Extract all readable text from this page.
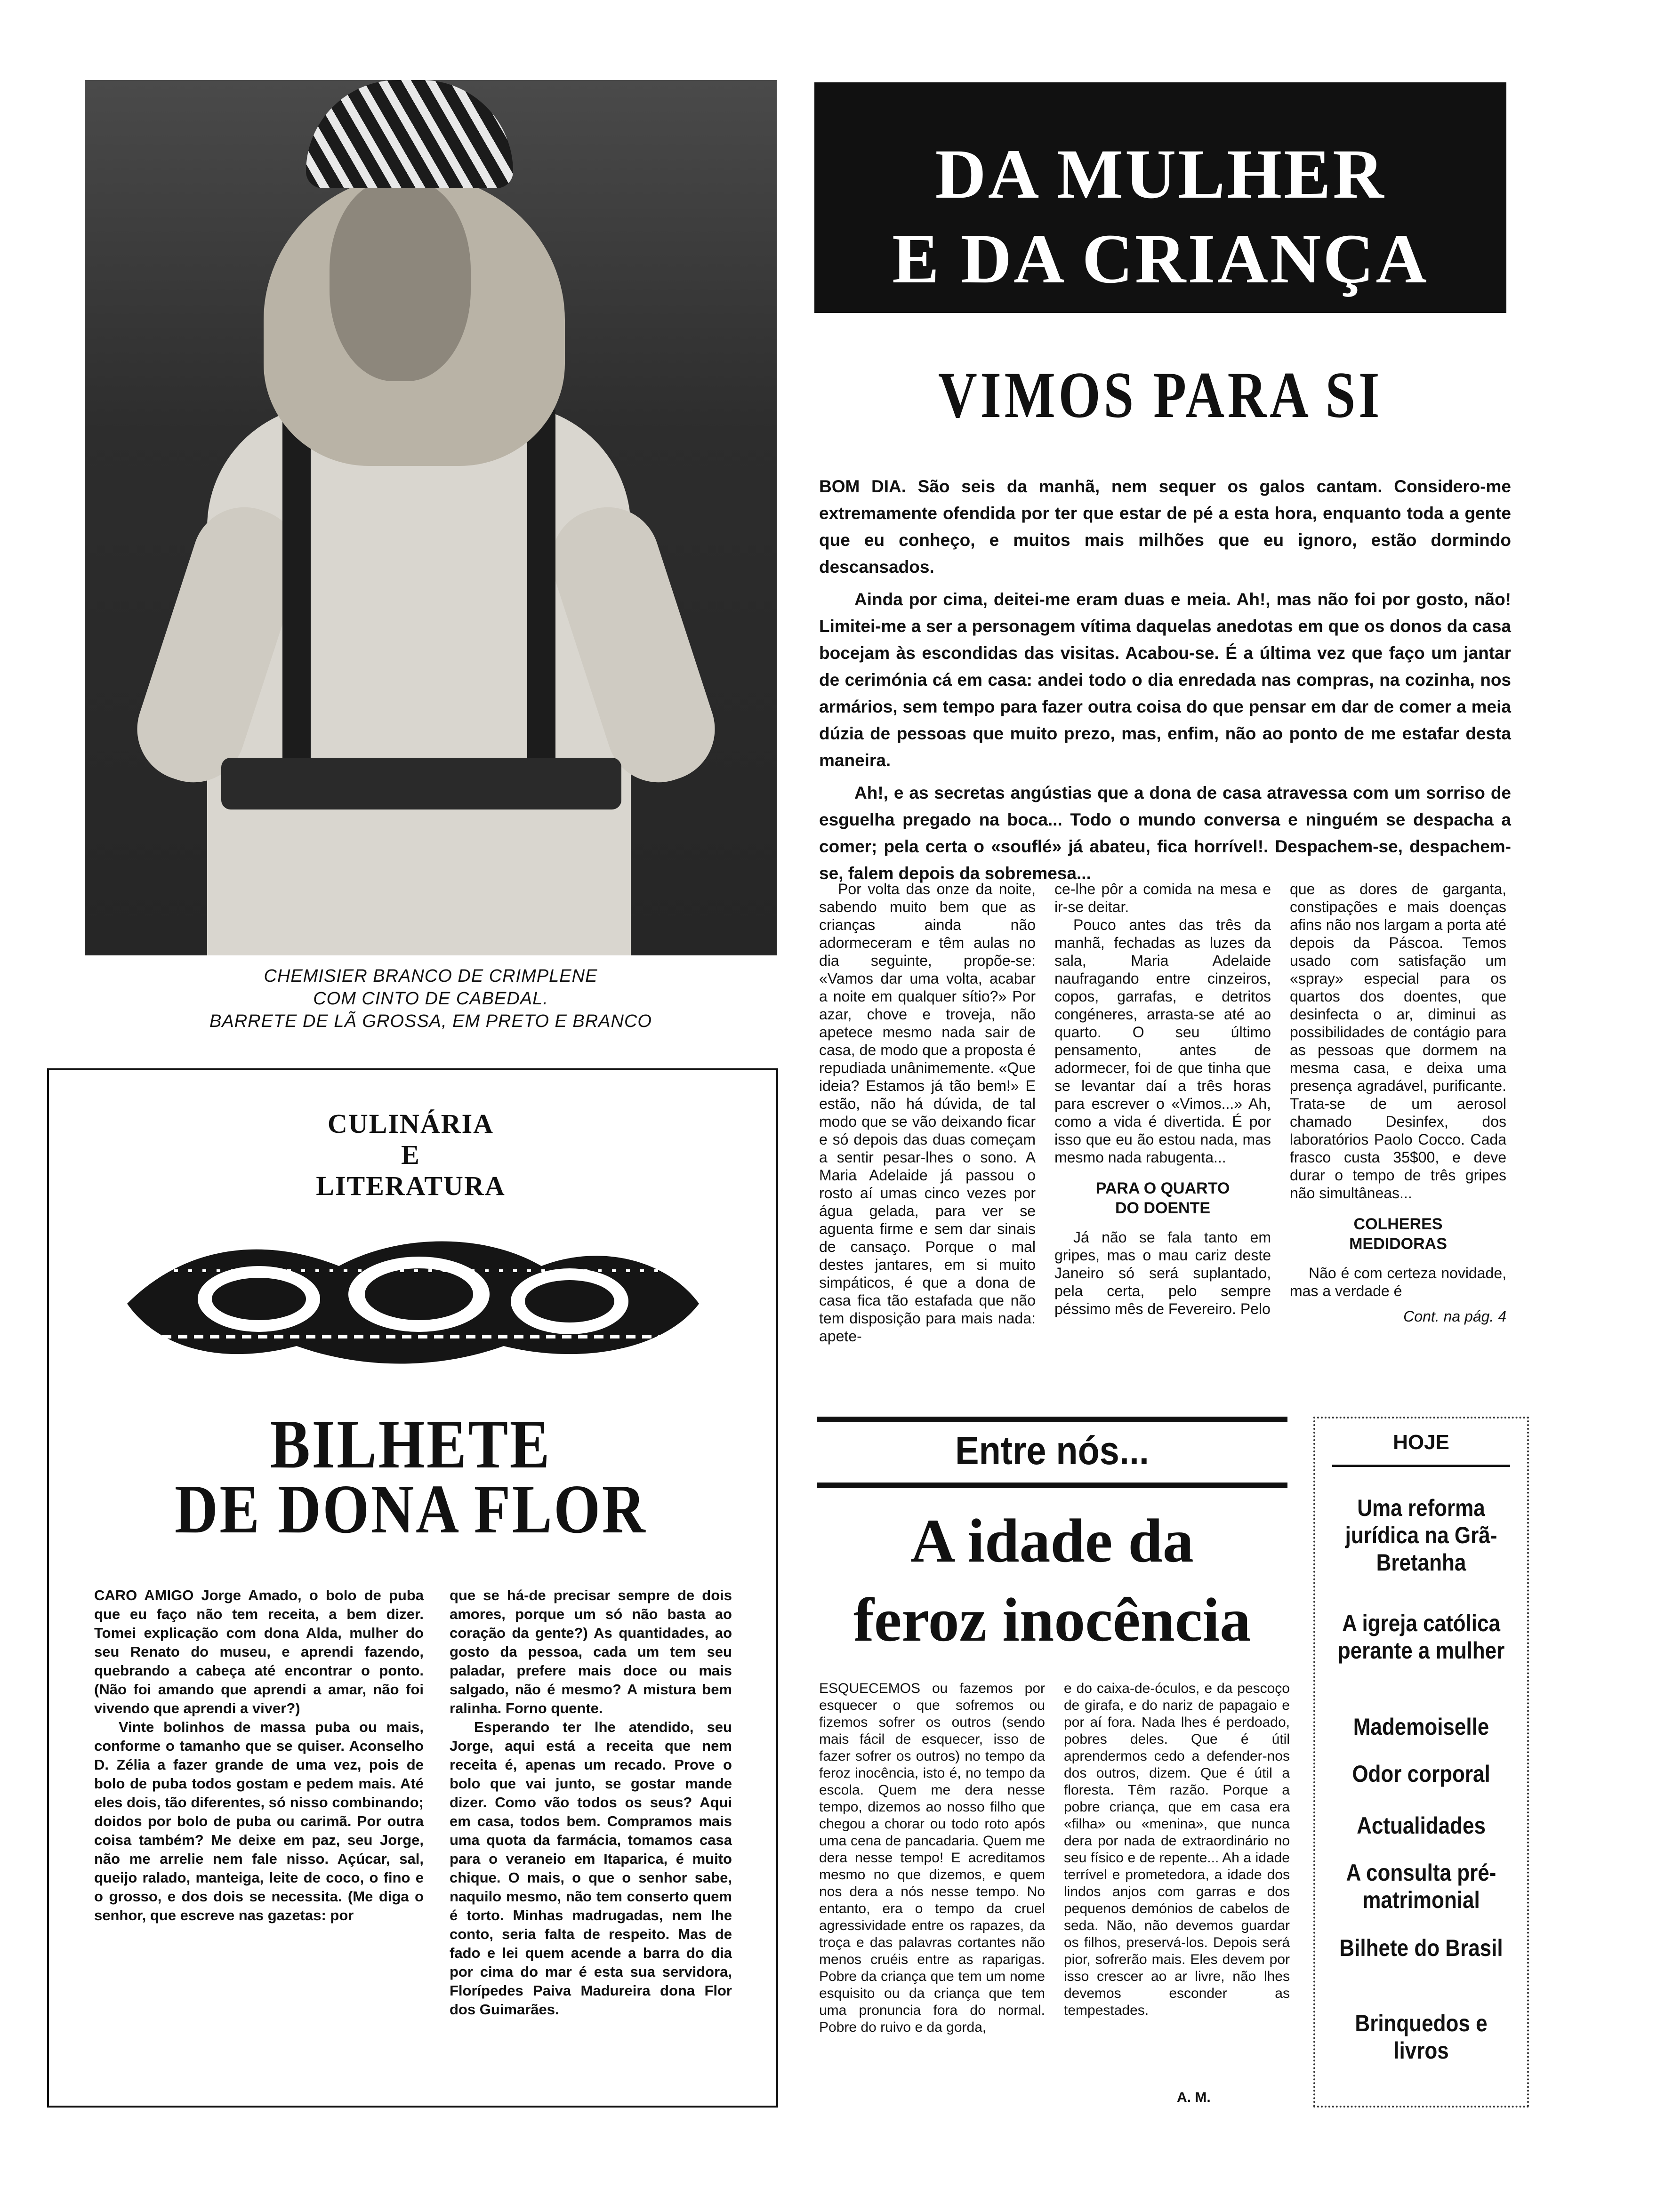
CHEMISIER BRANCO DE CRIMPLENE
COM CINTO DE CABEDAL.
BARRETE DE LÃ GROSSA, EM PRETO E BRANCO
DA MULHER
E DA CRIANÇA
VIMOS PARA SI

BOM DIA. São seis da manhã, nem sequer os galos cantam. Considero-me extremamente ofendida por ter que estar de pé a esta hora, enquanto toda a gente que eu conheço, e muitos mais milhões que eu ignoro, estão dormindo descansados.

Ainda por cima, deitei-me eram duas e meia. Ah!, mas não foi por gosto, não! Limitei-me a ser a personagem vítima daquelas anedotas em que os donos da casa bocejam às escondidas das visitas. Acabou-se. É a última vez que faço um jantar de cerimónia cá em casa: andei todo o dia enredada nas compras, na cozinha, nos armários, sem tempo para fazer outra coisa do que pensar em dar de comer a meia dúzia de pessoas que muito prezo, mas, enfim, não ao ponto de me estafar desta maneira.

Ah!, e as secretas angústias que a dona de casa atravessa com um sorriso de esguelha pregado na boca... Todo o mundo conversa e ninguém se despacha a comer; pela certa o «souflé» já abateu, fica horrível!. Despachem-se, despachem-se, falem depois da sobremesa...

Por volta das onze da noite, sabendo muito bem que as crianças ainda não adormeceram e têm aulas no dia seguinte, propõe-se: «Vamos dar uma volta, acabar a noite em qualquer sítio?» Por azar, chove e troveja, não apetece mesmo nada sair de casa, de modo que a proposta é repudiada unânimemente. «Que ideia? Estamos já tão bem!» E estão, não há dúvida, de tal modo que se vão deixando ficar e só depois das duas começam a sentir pesar-lhes o sono. A Maria Adelaide já passou o rosto aí umas cinco vezes por água gelada, para ver se aguenta firme e sem dar sinais de cansaço. Porque o mal destes jantares, em si muito simpáticos, é que a dona de casa fica tão estafada que não tem disposição para mais nada: apete-

ce-lhe pôr a comida na mesa e ir-se deitar.

Pouco antes das três da manhã, fechadas as luzes da sala, Maria Adelaide naufragando entre cinzeiros, copos, garrafas, e detritos congéneres, arrasta-se até ao quarto. O seu último pensamento, antes de adormecer, foi de que tinha que se levantar daí a três horas para escrever o «Vimos...» Ah, como a vida é divertida. É por isso que eu ão estou nada, mas mesmo nada rabugenta...

PARA O QUARTO
DO DOENTE

Já não se fala tanto em gripes, mas o mau cariz deste Janeiro só será suplantado, pela certa, pelo sempre péssimo mês de Fevereiro. Pelo

que as dores de garganta, constipações e mais doenças afins não nos largam a porta até depois da Páscoa. Temos usado com satisfação um «spray» especial para os quartos dos doentes, que desinfecta o ar, diminui as possibilidades de contágio para as pessoas que dormem na mesma casa, e deixa uma presença agradável, purificante. Trata-se de um aerosol chamado Desinfex, dos laboratórios Paolo Cocco. Cada frasco custa 35$00, e deve durar o tempo de três gripes não simultâneas...

COLHERES
MEDIDORAS

Não é com certeza novidade, mas a verdade é

Cont. na pág. 4

CULINÁRIA
E
LITERATURA
BILHETE
DE DONA FLOR

CARO AMIGO Jorge Amado, o bolo de puba que eu faço não tem receita, a bem dizer. Tomei explicação com dona Alda, mulher do seu Renato do museu, e aprendi fazendo, quebrando a cabeça até encontrar o ponto. (Não foi amando que aprendi a amar, não foi vivendo que aprendi a viver?)

Vinte bolinhos de massa puba ou mais, conforme o tamanho que se quiser. Aconselho D. Zélia a fazer grande de uma vez, pois de bolo de puba todos gostam e pedem mais. Até eles dois, tão diferentes, só nisso combinando; doidos por bolo de puba ou carimã. Por outra coisa também? Me deixe em paz, seu Jorge, não me arrelie nem fale nisso. Açúcar, sal, queijo ralado, manteiga, leite de coco, o fino e o grosso, e dos dois se necessita. (Me diga o senhor, que escreve nas gazetas: por

que se há-de precisar sempre de dois amores, porque um só não basta ao coração da gente?) As quantidades, ao gosto da pessoa, cada um tem seu paladar, prefere mais doce ou mais salgado, não é mesmo? A mistura bem ralinha. Forno quente.

Esperando ter lhe atendido, seu Jorge, aqui está a receita que nem receita é, apenas um recado. Prove o bolo que vai junto, se gostar mande dizer. Como vão todos os seus? Aqui em casa, todos bem. Compramos mais uma quota da farmácia, tomamos casa para o veraneio em Itaparica, é muito chique. O mais, o que o senhor sabe, naquilo mesmo, não tem conserto quem é torto. Minhas madrugadas, nem lhe conto, seria falta de respeito. Mas de fado e lei quem acende a barra do dia por cima do mar é esta sua servidora, Florípedes Paiva Madureira dona Flor dos Guimarães.

Entre nós...
A idade da
feroz inocência

ESQUECEMOS ou fazemos por esquecer o que sofremos ou fizemos sofrer os outros (sendo mais fácil de esquecer, isso de fazer sofrer os outros) no tempo da feroz inocência, isto é, no tempo da escola. Quem me dera nesse tempo, dizemos ao nosso filho que chegou a chorar ou todo roto após uma cena de pancadaria. Quem me dera nesse tempo! E acreditamos mesmo no que dizemos, e quem nos dera a nós nesse tempo. No entanto, era o tempo da cruel agressividade entre os rapazes, da troça e das palavras cortantes não menos cruéis entre as raparigas. Pobre da criança que tem um nome esquisito ou da criança que tem uma pronuncia fora do normal. Pobre do ruivo e da gorda,

e do caixa-de-óculos, e da pescoço de girafa, e do nariz de papagaio e por aí fora. Nada lhes é perdoado, pobres deles. Que é útil aprendermos cedo a defender-nos dos outros, dizem. Que é útil a floresta. Têm razão. Porque a pobre criança, que em casa era «filha» ou «menina», que nunca dera por nada de extraordinário no seu físico e de repente... Ah a idade terrível e prometedora, a idade dos lindos anjos com garras e dos pequenos demónios de cabelos de seda. Não, não devemos guardar os filhos, preservá-los. Depois será pior, sofrerão mais. Eles devem por isso crescer ao ar livre, não lhes devemos esconder as tempestades.

A. M.
HOJE
Uma reforma jurídica na Grã-Bretanha
A igreja católica perante a mulher
Mademoiselle
Odor corporal
Actualidades
A consulta pré-matrimonial
Bilhete do Brasil
Brinquedos e livros
